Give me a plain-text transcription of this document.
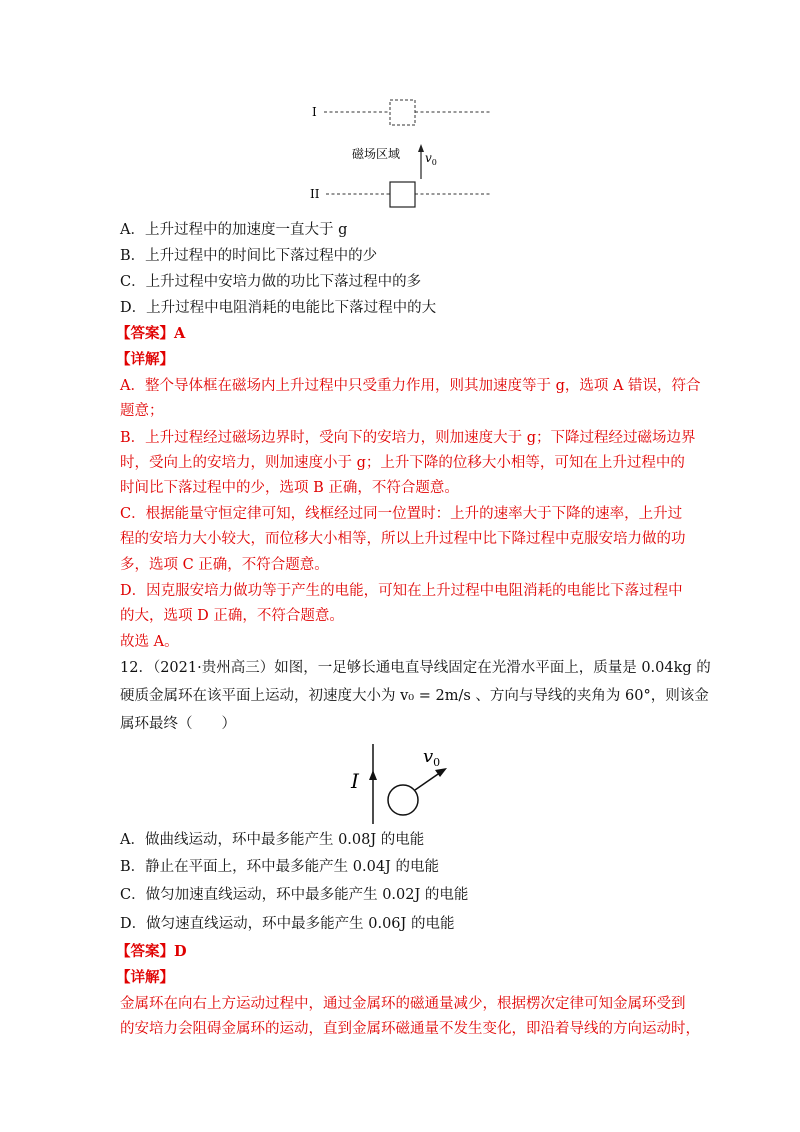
I
磁场区域 $v_0$
II
A．上升过程中的加速度一直大于 g
B．上升过程中的时间比下落过程中的少
C．上升过程中安培力做的功比下落过程中的多
D．上升过程中电阻消耗的电能比下落过程中的大
【答案】A
【详解】
A．整个导体框在磁场内上升过程中只受重力作用，则其加速度等于 g，选项 A 错误，符合
题意；
B．上升过程经过磁场边界时，受向下的安培力，则加速度大于 g；下降过程经过磁场边界
时，受向上的安培力，则加速度小于 g；上升下降的位移大小相等，可知在上升过程中的
时间比下落过程中的少，选项 B 正确，不符合题意。
C．根据能量守恒定律可知，线框经过同一位置时：上升的速率大于下降的速率，上升过
程的安培力大小较大，而位移大小相等，所以上升过程中比下降过程中克服安培力做的功
多，选项 C 正确，不符合题意。
D．因克服安培力做功等于产生的电能，可知在上升过程中电阻消耗的电能比下落过程中
的大，选项 D 正确，不符合题意。
故选 A。
12．（2021·贵州高三）如图，一足够长通电直导线固定在光滑水平面上，质量是 0.04kg 的
硬质金属环在该平面上运动，初速度大小为 v₀ = 2m/s 、方向与导线的夹角为 60°，则该金
属环最终（　　）
I
$v_0$
A．做曲线运动，环中最多能产生 0.08J 的电能
B．静止在平面上，环中最多能产生 0.04J 的电能
C．做匀加速直线运动，环中最多能产生 0.02J 的电能
D．做匀速直线运动，环中最多能产生 0.06J 的电能
【答案】D
【详解】
金属环在向右上方运动过程中，通过金属环的磁通量减少，根据楞次定律可知金属环受到
的安培力会阻碍金属环的运动，直到金属环磁通量不发生变化，即沿着导线的方向运动时，
